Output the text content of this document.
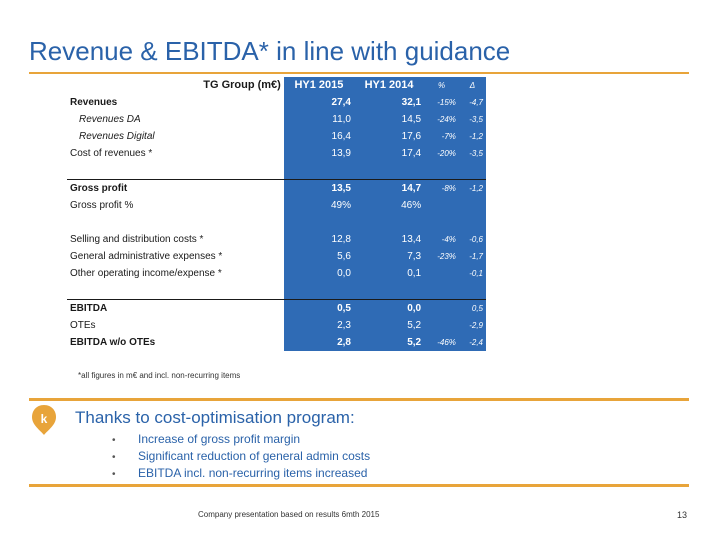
Revenue & EBITDA* in line with guidance
TG Group (m€)	HY1 2015	HY1 2014	%	Δ
Revenues	27,4	32,1	-15%	-4,7
Revenues DA	11,0	14,5	-24%	-3,5
Revenues Digital	16,4	17,6	-7%	-1,2
Cost of revenues *	13,9	17,4	-20%	-3,5

Gross profit	13,5	14,7	-8%	-1,2
Gross profit %	49%	46%		

Selling and distribution costs *	12,8	13,4	-4%	-0,6
General administrative expenses *	5,6	7,3	-23%	-1,7
Other operating income/expense *	0,0	0,1		-0,1

EBITDA	0,5	0,0		0,5
OTEs	2,3	5,2		-2,9
EBITDA w/o OTEs	2,8	5,2	-46%	-2,4
*all figures in m€ and incl. non-recurring items
k Thanks to cost-optimisation program:
• Increase of gross profit margin
• Significant reduction of general admin costs
• EBITDA incl. non-recurring items increased
Company presentation based on results 6mth 2015	13
